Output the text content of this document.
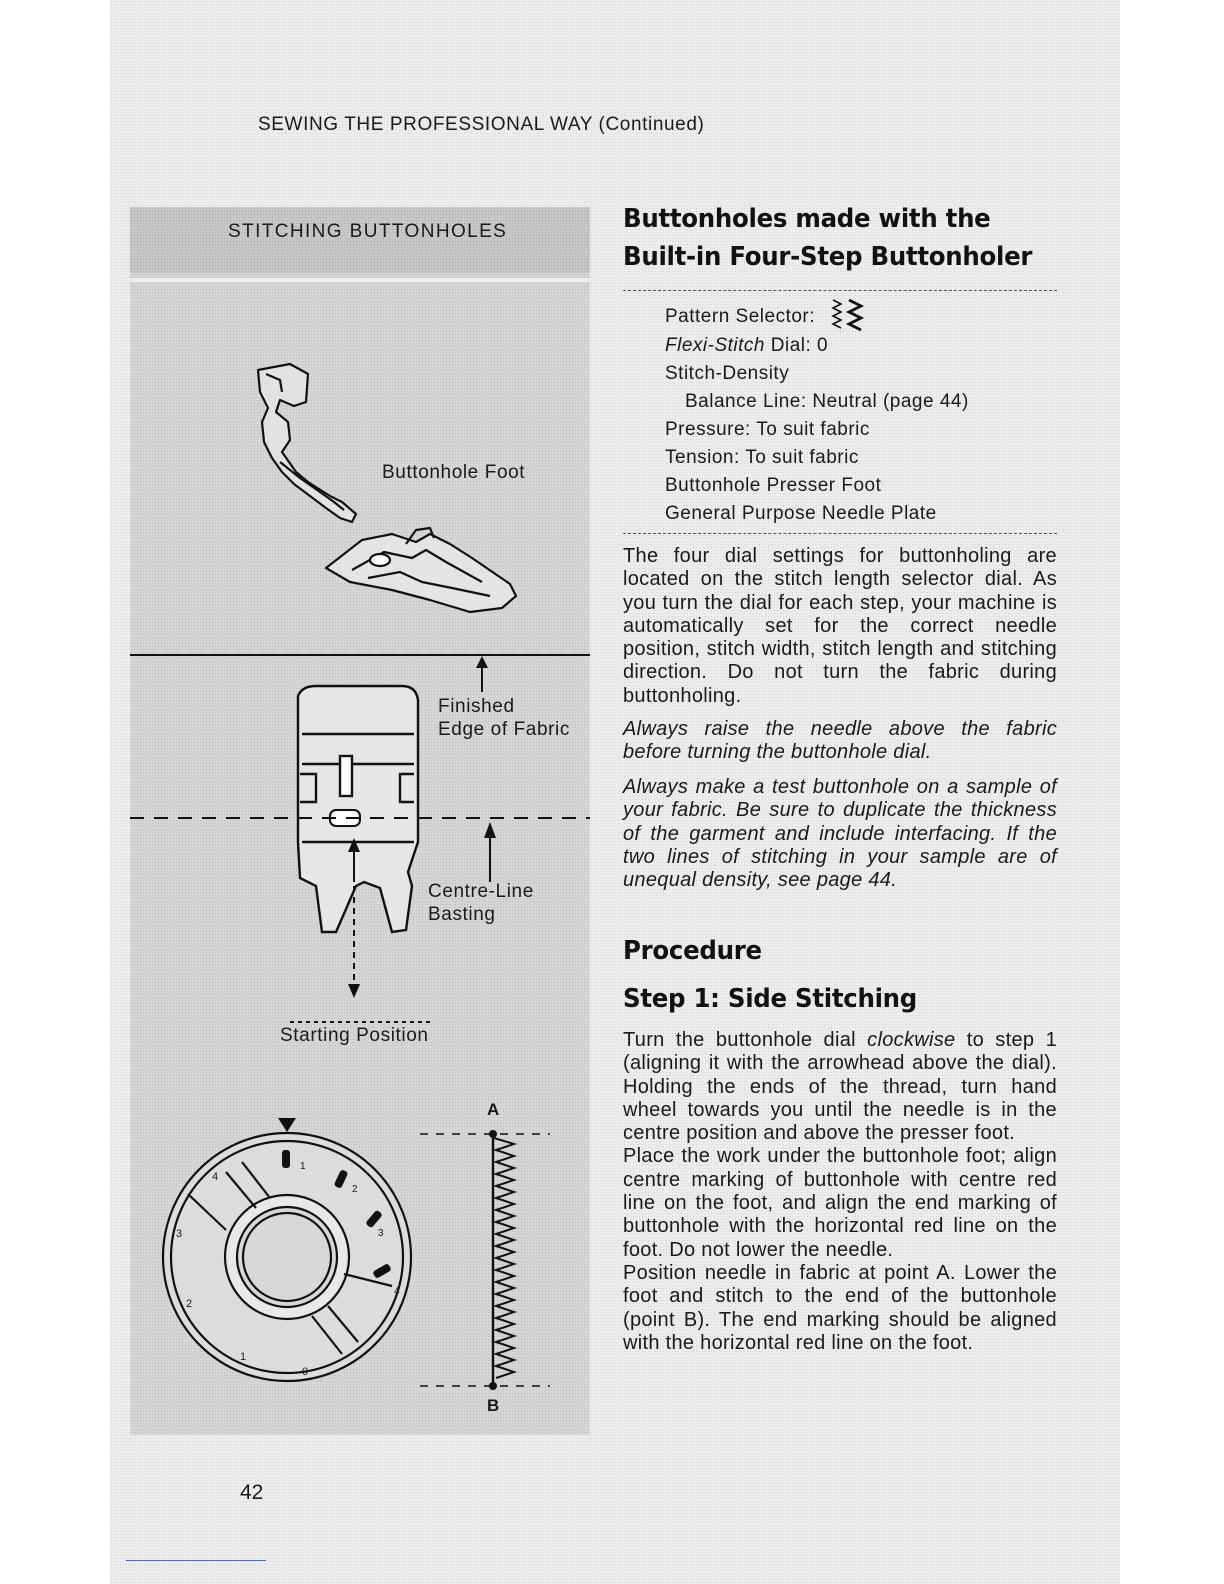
SEWING THE PROFESSIONAL WAY (Continued)
STITCHING BUTTONHOLES
Buttonhole Foot
Finished
Edge of Fabric
Centre-Line
Basting
Starting Position
A
B
1
2
3
4
0
1
2
3
4
Buttonholes made with the
Built-in Four-Step Buttonholer
Pattern Selector:
Flexi-Stitch Dial: 0
Stitch-Density
Balance Line: Neutral (page 44)
Pressure: To suit fabric
Tension: To suit fabric
Buttonhole Presser Foot
General Purpose Needle Plate
The four dial settings for buttonholing are located on the stitch length selector dial. As you turn the dial for each step, your machine is automatically set for the correct needle position, stitch width, stitch length and stitching direction. Do not turn the fabric during buttonholing.
Always raise the needle above the fabric before turning the buttonhole dial.
Always make a test buttonhole on a sample of your fabric. Be sure to duplicate the thickness of the garment and include interfacing. If the two lines of stitching in your sample are of unequal density, see page 44.
Procedure
Step 1: Side Stitching

Turn the buttonhole dial clockwise to step 1 (aligning it with the arrowhead above the dial). Holding the ends of the thread, turn hand wheel towards you until the needle is in the centre position and above the presser foot.

Place the work under the buttonhole foot; align centre marking of buttonhole with centre red line on the foot, and align the end marking of buttonhole with the horizontal red line on the foot. Do not lower the needle.

Position needle in fabric at point A. Lower the foot and stitch to the end of the buttonhole (point B). The end marking should be aligned with the horizontal red line on the foot.

42
